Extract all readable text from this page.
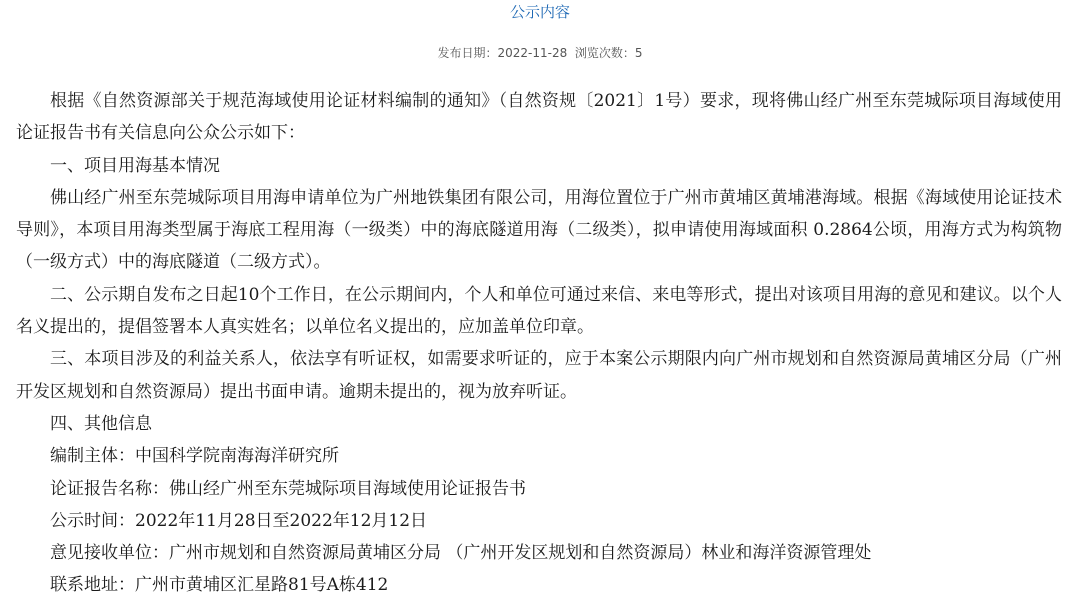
公示内容
发布日期：2022-11-28 浏览次数：5

根据《自然资源部关于规范海域使用论证材料编制的通知》（自然资规〔2021〕1号）要求，现将佛山经广州至东莞城际项目海域使用论证报告书有关信息向公众公示如下：

一、项目用海基本情况

佛山经广州至东莞城际项目用海申请单位为广州地铁集团有限公司，用海位置位于广州市黄埔区黄埔港海域。根据《海域使用论证技术导则》，本项目用海类型属于海底工程用海（一级类）中的海底隧道用海（二级类），拟申请使用海域面积 0.2864公顷，用海方式为构筑物（一级方式）中的海底隧道（二级方式）。

二、公示期自发布之日起10个工作日，在公示期间内，个人和单位可通过来信、来电等形式，提出对该项目用海的意见和建议。以个人名义提出的，提倡签署本人真实姓名；以单位名义提出的，应加盖单位印章。

三、本项目涉及的利益关系人，依法享有听证权，如需要求听证的，应于本案公示期限内向广州市规划和自然资源局黄埔区分局（广州开发区规划和自然资源局）提出书面申请。逾期未提出的，视为放弃听证。

四、其他信息

编制主体：中国科学院南海海洋研究所

论证报告名称：佛山经广州至东莞城际项目海域使用论证报告书

公示时间：2022年11月28日至2022年12月12日

意见接收单位：广州市规划和自然资源局黄埔区分局 （广州开发区规划和自然资源局）林业和海洋资源管理处

联系地址：广州市黄埔区汇星路81号A栋412
